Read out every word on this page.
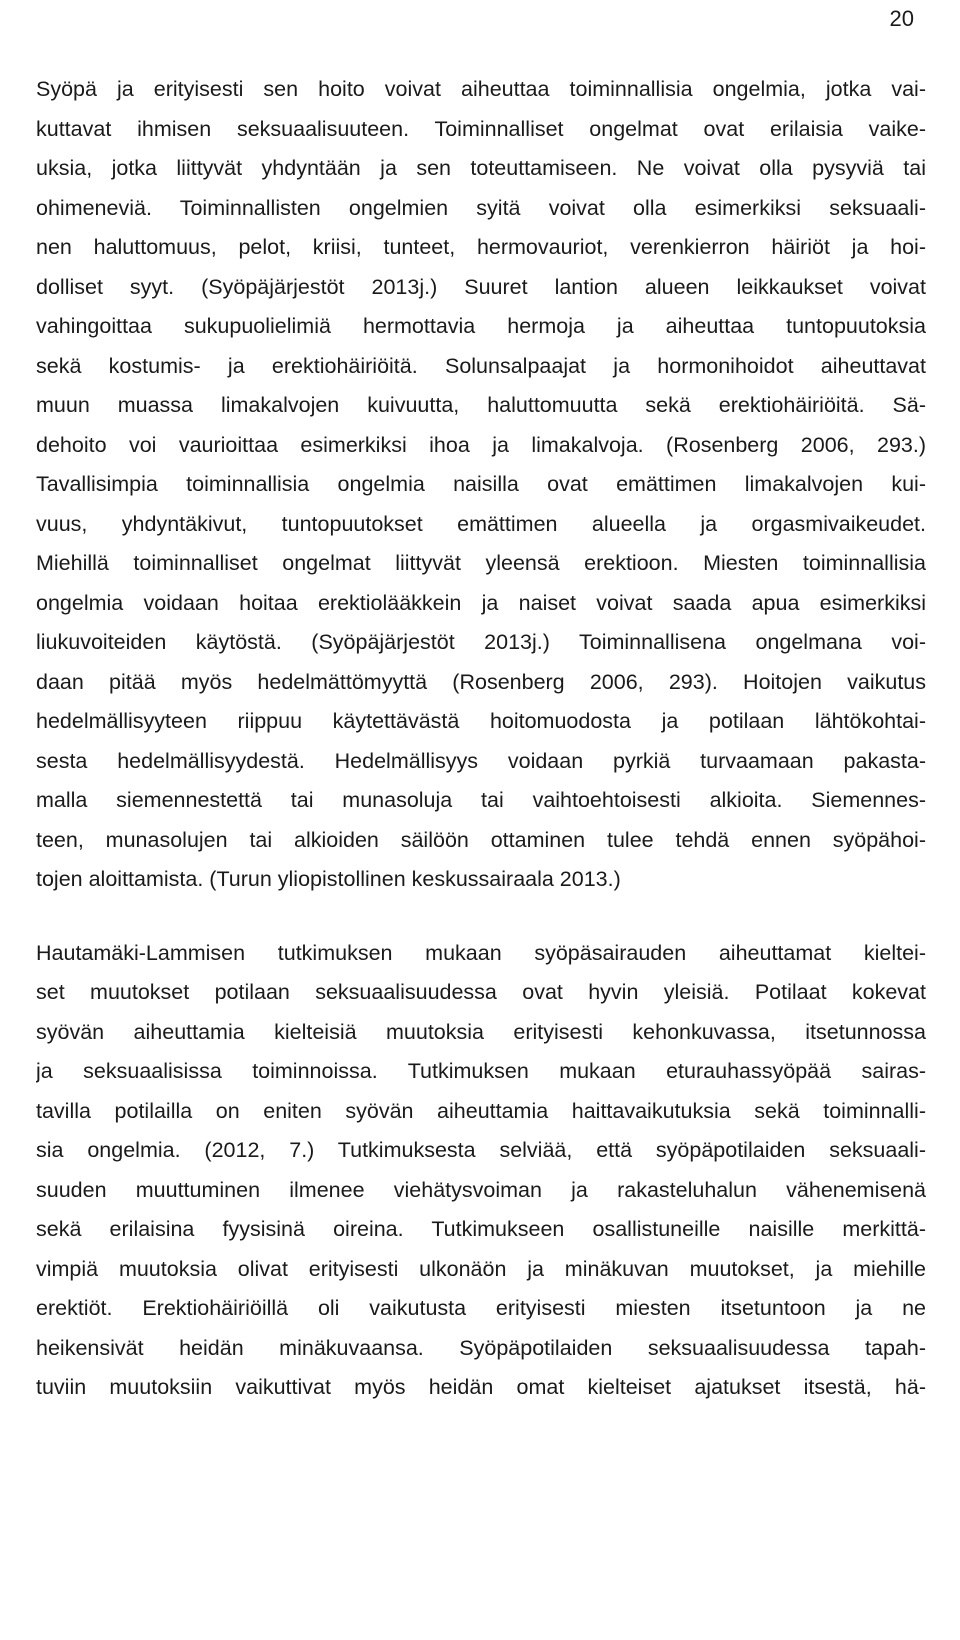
20
Syöpä ja erityisesti sen hoito voivat aiheuttaa toiminnallisia ongelmia, jotka vai-
kuttavat ihmisen seksuaalisuuteen. Toiminnalliset ongelmat ovat erilaisia vaike-
uksia, jotka liittyvät yhdyntään ja sen toteuttamiseen. Ne voivat olla pysyviä tai
ohimeneviä. Toiminnallisten ongelmien syitä voivat olla esimerkiksi seksuaali-
nen haluttomuus, pelot, kriisi, tunteet, hermovauriot, verenkierron häiriöt ja hoi-
dolliset syyt. (Syöpäjärjestöt 2013j.) Suuret lantion alueen leikkaukset voivat
vahingoittaa sukupuolielimiä hermottavia hermoja ja aiheuttaa tuntopuutoksia
sekä kostumis- ja erektiohäiriöitä. Solunsalpaajat ja hormonihoidot aiheuttavat
muun muassa limakalvojen kuivuutta, haluttomuutta sekä erektiohäiriöitä. Sä-
dehoito voi vaurioittaa esimerkiksi ihoa ja limakalvoja. (Rosenberg 2006, 293.)
Tavallisimpia toiminnallisia ongelmia naisilla ovat emättimen limakalvojen kui-
vuus, yhdyntäkivut, tuntopuutokset emättimen alueella ja orgasmivaikeudet.
Miehillä toiminnalliset ongelmat liittyvät yleensä erektioon. Miesten toiminnallisia
ongelmia voidaan hoitaa erektiolääkkein ja naiset voivat saada apua esimerkiksi
liukuvoiteiden käytöstä. (Syöpäjärjestöt 2013j.) Toiminnallisena ongelmana voi-
daan pitää myös hedelmättömyyttä (Rosenberg 2006, 293). Hoitojen vaikutus
hedelmällisyyteen riippuu käytettävästä hoitomuodosta ja potilaan lähtökohtai-
sesta hedelmällisyydestä. Hedelmällisyys voidaan pyrkiä turvaamaan pakasta-
malla siemennestettä tai munasoluja tai vaihtoehtoisesti alkioita. Siemennes-
teen, munasolujen tai alkioiden säilöön ottaminen tulee tehdä ennen syöpähoi-
tojen aloittamista. (Turun yliopistollinen keskussairaala 2013.)
Hautamäki-Lammisen tutkimuksen mukaan syöpäsairauden aiheuttamat kieltei-
set muutokset potilaan seksuaalisuudessa ovat hyvin yleisiä. Potilaat kokevat
syövän aiheuttamia kielteisiä muutoksia erityisesti kehonkuvassa, itsetunnossa
ja seksuaalisissa toiminnoissa. Tutkimuksen mukaan eturauhassyöpää sairas-
tavilla potilailla on eniten syövän aiheuttamia haittavaikutuksia sekä toiminnalli-
sia ongelmia. (2012, 7.) Tutkimuksesta selviää, että syöpäpotilaiden seksuaali-
suuden muuttuminen ilmenee viehätysvoiman ja rakasteluhalun vähenemisenä
sekä erilaisina fyysisinä oireina. Tutkimukseen osallistuneille naisille merkittä-
vimpiä muutoksia olivat erityisesti ulkonäön ja minäkuvan muutokset, ja miehille
erektiöt. Erektiohäiriöillä oli vaikutusta erityisesti miesten itsetuntoon ja ne
heikensivät heidän minäkuvaansa. Syöpäpotilaiden seksuaalisuudessa tapah-
tuviin muutoksiin vaikuttivat myös heidän omat kielteiset ajatukset itsestä, hä-
